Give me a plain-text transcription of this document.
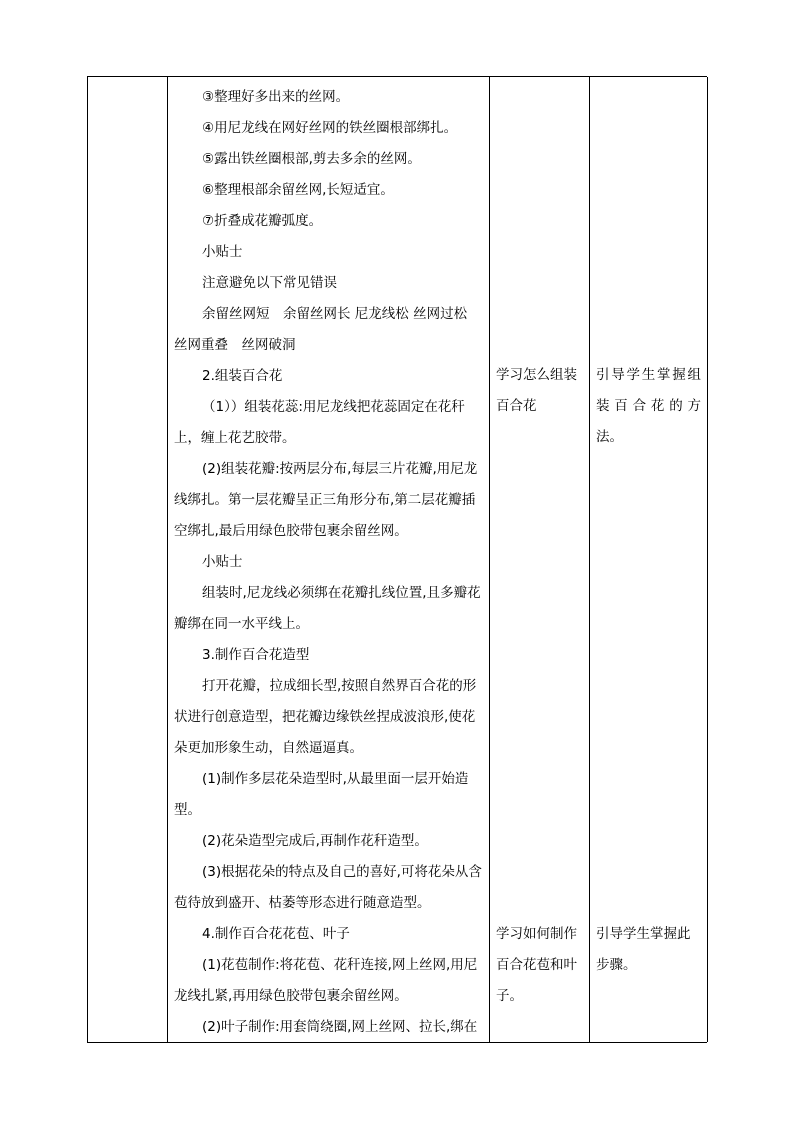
③整理好多出来的丝网。

④用尼龙线在网好丝网的铁丝圈根部绑扎。

⑤露出铁丝圈根部,剪去多余的丝网。

⑥整理根部余留丝网,长短适宜。

⑦折叠成花瓣弧度。

小贴士

注意避免以下常见错误

余留丝网短　余留丝网长 尼龙线松 丝网过松 丝网重叠　丝网破洞

2.组装百合花

（1））组装花蕊:用尼龙线把花蕊固定在花秆上，缠上花艺胶带。

(2)组装花瓣:按两层分布,每层三片花瓣,用尼龙线绑扎。第一层花瓣呈正三角形分布,第二层花瓣插空绑扎,最后用绿色胶带包裹余留丝网。

小贴士

组装时,尼龙线必须绑在花瓣扎线位置,且多瓣花瓣绑在同一水平线上。

3.制作百合花造型

打开花瓣，拉成细长型,按照自然界百合花的形状进行创意造型，把花瓣边缘铁丝捏成波浪形,使花朵更加形象生动，自然逼逼真。

(1)制作多层花朵造型时,从最里面一层开始造型。

(2)花朵造型完成后,再制作花秆造型。

(3)根据花朵的特点及自己的喜好,可将花朵从含苞待放到盛开、枯萎等形态进行随意造型。

4.制作百合花花苞、叶子

(1)花苞制作:将花苞、花秆连接,网上丝网,用尼龙线扎紧,再用绿色胶带包裹余留丝网。

(2)叶子制作:用套筒绕圈,网上丝网、拉长,绑在

学习怎么组装百合花
学习如何制作百合花苞和叶子。
引导学生掌握组装百合花的方法。
引导学生掌握此步骤。
